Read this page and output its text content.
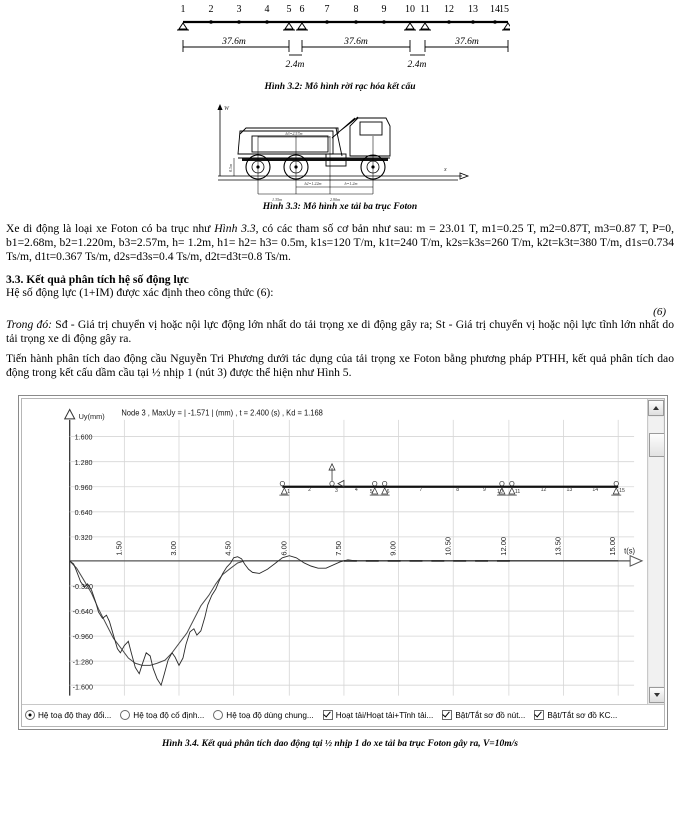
1 2 3 4 5 6 7 8 9 10 11 12 13 14 15
37.6m	37.6m	37.6m
2.4m	2.4m
Hình 3.2: Mô hình rời rạc hóa kết cấu
W
x
b3=2.57m
b2=1.22m	h=1.2m
1.35m	2.90m
0.5m
Hình 3.3: Mô hình xe tải ba trục Foton
Xe di động là loại xe Foton có ba trục như Hình 3.3, có các tham số cơ bản như sau: m = 23.01 T, m1=0.25 T, m2=0.87T, m3=0.87 T, P=0, b1=2.68m, b2=1.220m, b3=2.57m, h= 1.2m, h1= h2= h3= 0.5m, k1s=120 T/m, k1t=240 T/m, k2s=k3s=260 T/m, k2t=k3t=380 T/m, d1s=0.734 Ts/m, d1t=0.367 Ts/m, d2s=d3s=0.4 Ts/m, d2t=d3t=0.8 Ts/m.
3.3. Kết quả phân tích hệ số động lực
Hệ số động lực (1+IM) được xác định theo công thức (6):
(6)
Trong đó: Sđ - Giá trị chuyển vị hoặc nội lực động lớn nhất do tải trọng xe di động gây ra; St - Giá trị chuyển vị hoặc nội lực tĩnh lớn nhất do tải trọng xe di động gây ra.
Tiến hành phân tích dao động cầu Nguyễn Tri Phương dưới tác dụng của tải trọng xe Foton bằng phương pháp PTHH, kết quả phân tích dao động trong kết cấu dầm cầu tại ½ nhịp 1 (nút 3) được thể hiện như Hình 5.
Node 3 , MaxUy = | -1.571 | (mm) , t = 2.400 (s) , Kd = 1.168
Uy(mm)
1.600
1.280
0.960
0.640
0.320
-0.320
-0.640
-0.960
-1.280
-1.600
t(s)
1.50	3.00	4.50	6.00	7.50	9.00	10.50	12.00	13.50	15.00
1	2	3	4 5	6	7	8	9 10 11	12	13	14	15
Hệ toạ độ thay đổi...	Hệ toạ độ cố định...	Hệ toạ độ dùng chung...	Hoạt tải/Hoạt tải+Tĩnh tải...	Bật/Tắt sơ đồ nút...	Bật/Tắt sơ đồ KC...
Hình 3.4. Kết quả phân tích dao động tại ½ nhịp 1 do xe tải ba trục Foton gây ra, V=10m/s
